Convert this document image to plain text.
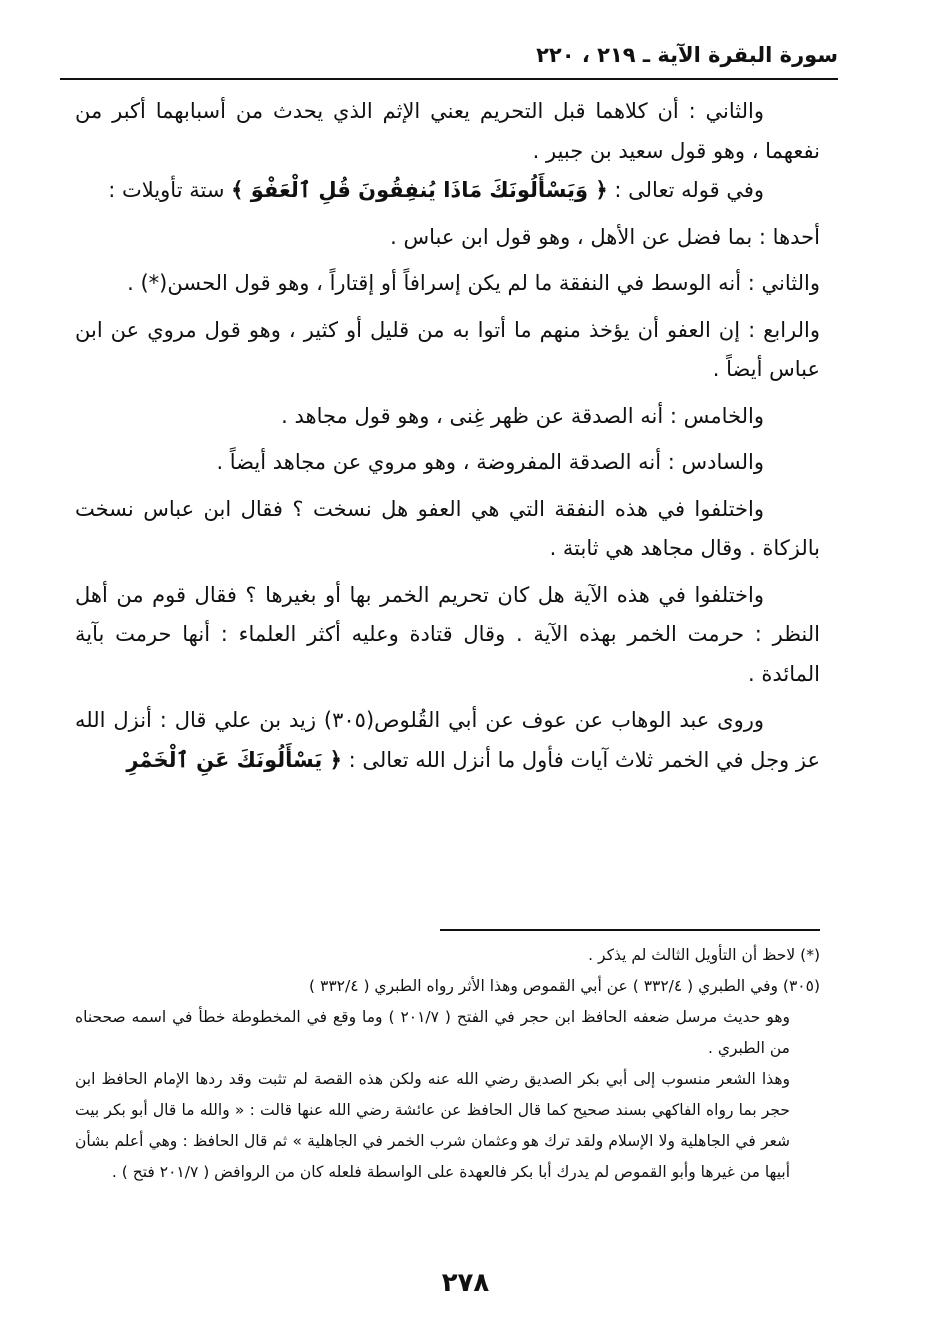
سورة البقرة الآية ـ ٢١٩ ، ٢٢٠

والثاني : أن كلاهما قبل التحريم يعني الإثم الذي يحدث من أسبابهما أكبر من نفعهما ، وهو قول سعيد بن جبير .

وفي قوله تعالى : ﴿ وَيَسْأَلُونَكَ مَاذَا يُنفِقُونَ قُلِ ٱلْعَفْوَ ﴾ ستة تأويلات :

أحدها : بما فضل عن الأهل ، وهو قول ابن عباس .

والثاني : أنه الوسط في النفقة ما لم يكن إسرافاً أو إقتاراً ، وهو قول الحسن(*) .

والرابع : إن العفو أن يؤخذ منهم ما أتوا به من قليل أو كثير ، وهو قول مروي عن ابن عباس أيضاً .

والخامس : أنه الصدقة عن ظهر غِنى ، وهو قول مجاهد .

والسادس : أنه الصدقة المفروضة ، وهو مروي عن مجاهد أيضاً .

واختلفوا في هذه النفقة التي هي العفو هل نسخت ؟ فقال ابن عباس نسخت بالزكاة . وقال مجاهد هي ثابتة .

واختلفوا في هذه الآية هل كان تحريم الخمر بها أو بغيرها ؟ فقال قوم من أهل النظر : حرمت الخمر بهذه الآية . وقال قتادة وعليه أكثر العلماء : أنها حرمت بآية المائدة .

وروى عبد الوهاب عن عوف عن أبي القُلوص(٣٠٥) زيد بن علي قال : أنزل الله عز وجل في الخمر ثلاث آيات فأول ما أنزل الله تعالى : ﴿ يَسْأَلُونَكَ عَنِ ٱلْخَمْرِ

(*) لاحظ أن التأويل الثالث لم يذكر .

(٣٠٥) وفي الطبري ( ٣٣٢/٤ ) عن أبي القموص وهذا الأثر رواه الطبري ( ٣٣٢/٤ )

وهو حديث مرسل ضعفه الحافظ ابن حجر في الفتح ( ٢٠١/٧ ) وما وقع في المخطوطة خطأ في اسمه صححناه من الطبري .

وهذا الشعر منسوب إلى أبي بكر الصديق رضي الله عنه ولكن هذه القصة لم تثبت وقد ردها الإمام الحافظ ابن حجر بما رواه الفاكهي بسند صحيح كما قال الحافظ عن عائشة رضي الله عنها قالت : « والله ما قال أبو بكر بيت شعر في الجاهلية ولا الإسلام ولقد ترك هو وعثمان شرب الخمر في الجاهلية » ثم قال الحافظ : وهي أعلم بشأن أبيها من غيرها وأبو القموص لم يدرك أبا بكر فالعهدة على الواسطة فلعله كان من الروافض ( ٢٠١/٧ فتح ) .

٢٧٨
